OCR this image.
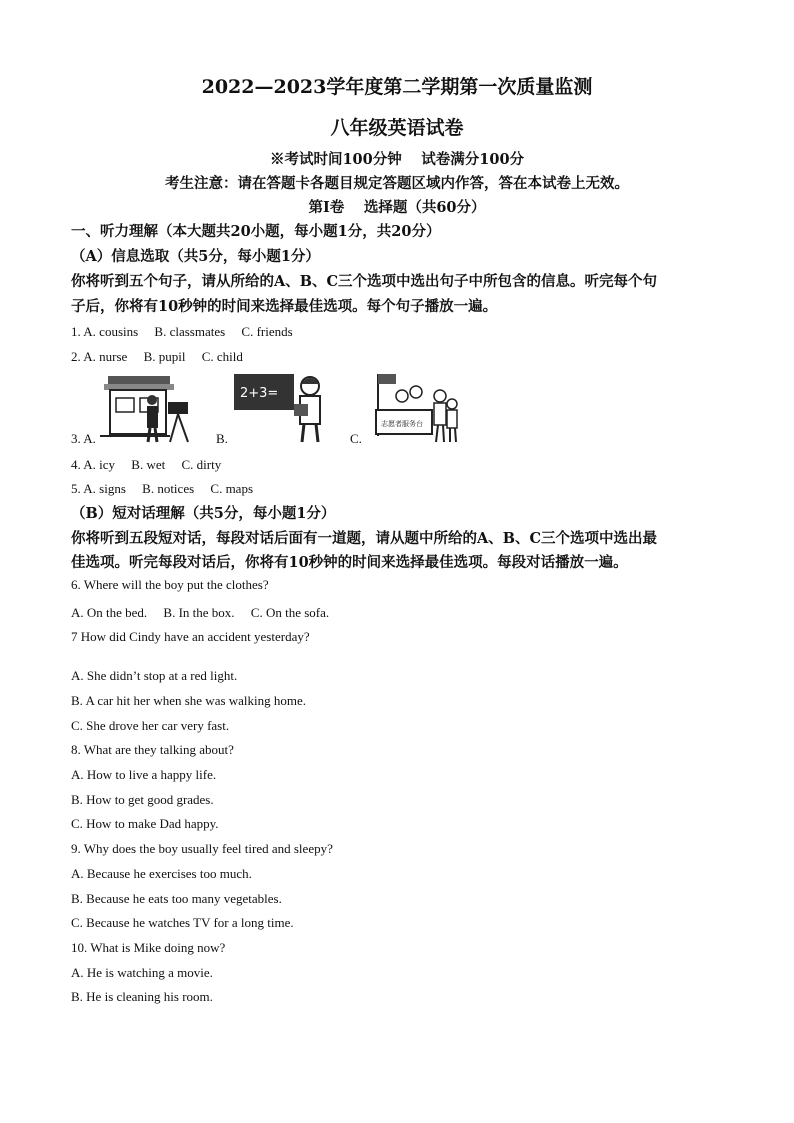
2022—2023学年度第二学期第一次质量监测
八年级英语试卷
※考试时间100分钟　 试卷满分100分
考生注意：请在答题卡各题目规定答题区域内作答，答在本试卷上无效。
第Ⅰ卷　 选择题（共60分）
一、听力理解（本大题共20小题，每小题1分，共20分）
（A）信息选取（共5分，每小题1分）
你将听到五个句子，请从所给的A、B、C三个选项中选出句子中所包含的信息。听完每个句
子后，你将有10秒钟的时间来选择最佳选项。每个句子播放一遍。
1. A. cousins　 B. classmates　 C. friends
2. A. nurse　 B. pupil　 C. child
3. A.	B.
2+3=
C.
志愿者服务台
4. A. icy　 B. wet　 C. dirty
5. A. signs　 B. notices　 C. maps
（B）短对话理解（共5分，每小题1分）
你将听到五段短对话，每段对话后面有一道题，请从题中所给的A、B、C三个选项中选出最
佳选项。听完每段对话后，你将有10秒钟的时间来选择最佳选项。每段对话播放一遍。
6. Where will the boy put the clothes?
A. On the bed.　 B. In the box.　 C. On the sofa.
7 How did Cindy have an accident yesterday?
A. She didn’t stop at a red light.
B. A car hit her when she was walking home.
C. She drove her car very fast.
8. What are they talking about?
A. How to live a happy life.
B. How to get good grades.
C. How to make Dad happy.
9. Why does the boy usually feel tired and sleepy?
A. Because he exercises too much.
B. Because he eats too many vegetables.
C. Because he watches TV for a long time.
10. What is Mike doing now?
A. He is watching a movie.
B. He is cleaning his room.
